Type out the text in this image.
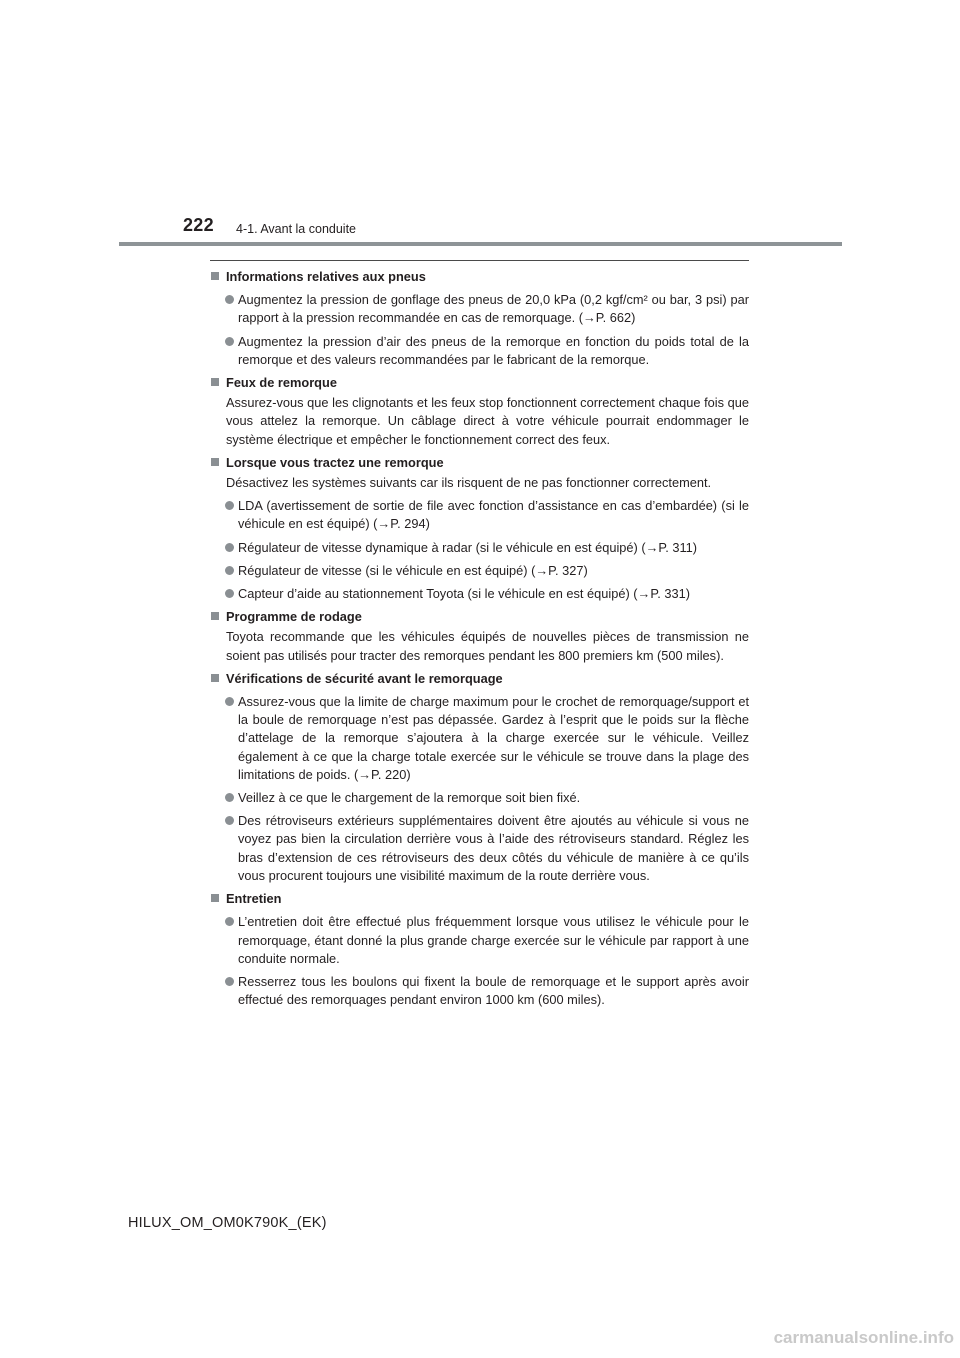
222 4-1. Avant la conduite
Informations relatives aux pneus
Augmentez la pression de gonflage des pneus de 20,0 kPa (0,2 kgf/cm² ou bar, 3 psi) par rapport à la pression recommandée en cas de remorquage. (→P. 662)
Augmentez la pression d’air des pneus de la remorque en fonction du poids total de la remorque et des valeurs recommandées par le fabricant de la remorque.
Feux de remorque
Assurez-vous que les clignotants et les feux stop fonctionnent correctement chaque fois que vous attelez la remorque. Un câblage direct à votre véhicule pourrait endommager le système électrique et empêcher le fonctionnement correct des feux.
Lorsque vous tractez une remorque
Désactivez les systèmes suivants car ils risquent de ne pas fonctionner correctement.
LDA (avertissement de sortie de file avec fonction d’assistance en cas d’embardée) (si le véhicule en est équipé) (→P. 294)
Régulateur de vitesse dynamique à radar (si le véhicule en est équipé) (→P. 311)
Régulateur de vitesse (si le véhicule en est équipé) (→P. 327)
Capteur d’aide au stationnement Toyota (si le véhicule en est équipé) (→P. 331)
Programme de rodage
Toyota recommande que les véhicules équipés de nouvelles pièces de transmission ne soient pas utilisés pour tracter des remorques pendant les 800 premiers km (500 miles).
Vérifications de sécurité avant le remorquage
Assurez-vous que la limite de charge maximum pour le crochet de remorquage/support et la boule de remorquage n’est pas dépassée. Gardez à l’esprit que le poids sur la flèche d’attelage de la remorque s’ajoutera à la charge exercée sur le véhicule. Veillez également à ce que la charge totale exercée sur le véhicule se trouve dans la plage des limitations de poids. (→P. 220)
Veillez à ce que le chargement de la remorque soit bien fixé.
Des rétroviseurs extérieurs supplémentaires doivent être ajoutés au véhicule si vous ne voyez pas bien la circulation derrière vous à l’aide des rétroviseurs standard. Réglez les bras d’extension de ces rétroviseurs des deux côtés du véhicule de manière à ce qu’ils vous procurent toujours une visibilité maximum de la route derrière vous.
Entretien
L’entretien doit être effectué plus fréquemment lorsque vous utilisez le véhicule pour le remorquage, étant donné la plus grande charge exercée sur le véhicule par rapport à une conduite normale.
Resserrez tous les boulons qui fixent la boule de remorquage et le support après avoir effectué des remorquages pendant environ 1000 km (600 miles).
HILUX_OM_OM0K790K_(EK)
carmanualsonline.info
